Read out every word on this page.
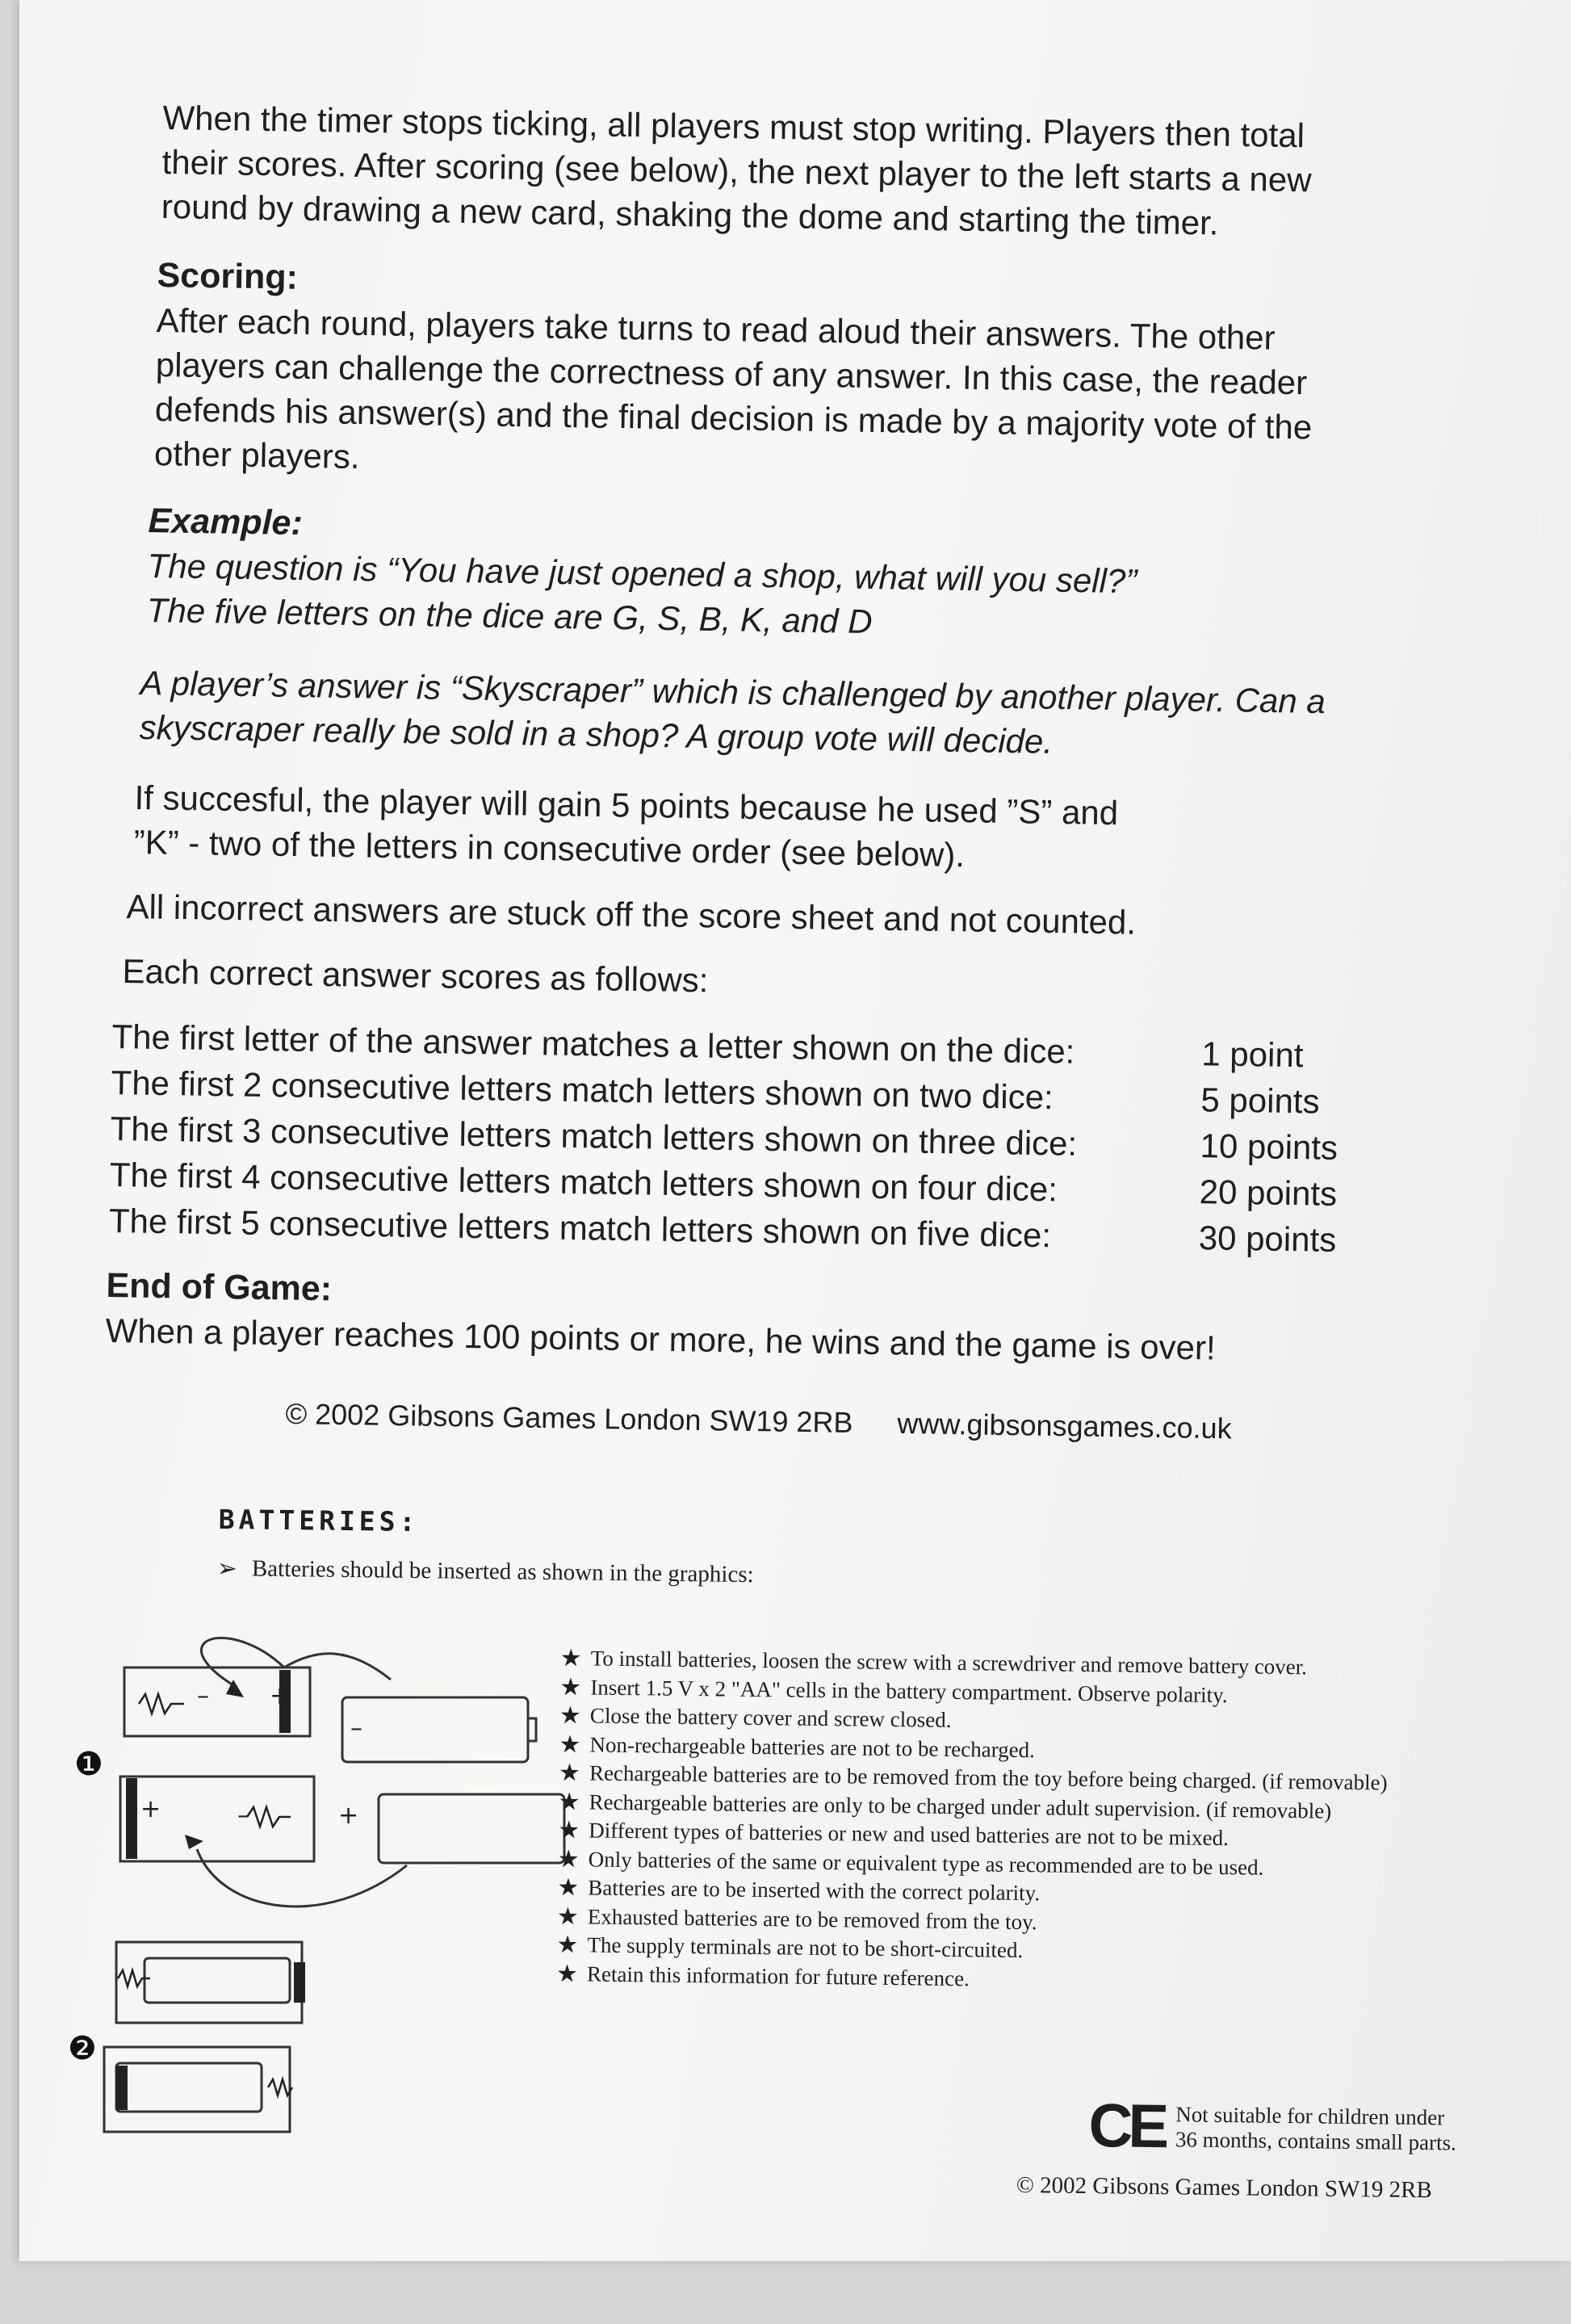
When the timer stops ticking, all players must stop writing. Players then total

their scores. After scoring (see below), the next player to the left starts a new

round by drawing a new card, shaking the dome and starting the timer.

Scoring:

After each round, players take turns to read aloud their answers. The other

players can challenge the correctness of any answer. In this case, the reader

defends his answer(s) and the final decision is made by a majority vote of the

other players.

Example:

The question is “You have just opened a shop, what will you sell?”

The five letters on the dice are G, S, B, K, and D

A player’s answer is “Skyscraper” which is challenged by another player. Can a

skyscraper really be sold in a shop? A group vote will decide.

If succesful, the player will gain 5 points because he used ”S” and

”K” - two of the letters in consecutive order (see below).

All incorrect answers are stuck off the score sheet and not counted.

Each correct answer scores as follows:

The first letter of the answer matches a letter shown on the dice:	1 point
The first 2 consecutive letters match letters shown on two dice:	5 points
The first 3 consecutive letters match letters shown on three dice:	10 points
The first 4 consecutive letters match letters shown on four dice:	20 points
The first 5 consecutive letters match letters shown on five dice:	30 points

End of Game:

When a player reaches 100 points or more, he wins and the game is over!

© 2002 Gibsons Games London SW19 2RB www.gibsonsgames.co.uk
BATTERIES:
➢ Batteries should be inserted as shown in the graphics:
–	+
–
+	–	+
❶
❷
★ To install batteries, loosen the screw with a screwdriver and remove battery cover.
★ Insert 1.5 V x 2 "AA" cells in the battery compartment. Observe polarity.
★ Close the battery cover and screw closed.
★ Non-rechargeable batteries are not to be recharged.
★ Rechargeable batteries are to be removed from the toy before being charged. (if removable)
★ Rechargeable batteries are only to be charged under adult supervision. (if removable)
★ Different types of batteries or new and used batteries are not to be mixed.
★ Only batteries of the same or equivalent type as recommended are to be used.
★ Batteries are to be inserted with the correct polarity.
★ Exhausted batteries are to be removed from the toy.
★ The supply terminals are not to be short-circuited.
★ Retain this information for future reference.
CE Not suitable for children under
36 months, contains small parts.
© 2002 Gibsons Games London SW19 2RB
